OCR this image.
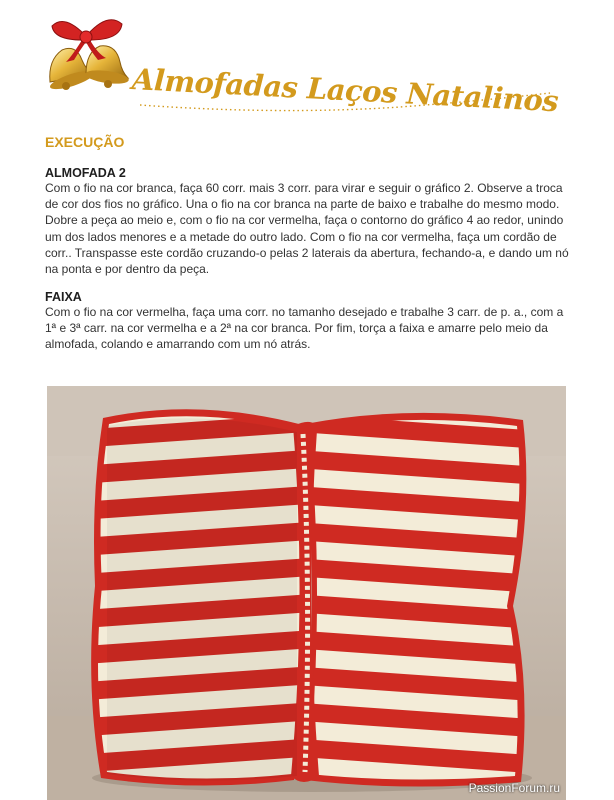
Almofadas Laços Natalinos
EXECUÇÃO
ALMOFADA 2
Com o fio na cor branca, faça 60 corr. mais 3 corr. para virar e seguir o gráfico 2. Observe a troca de cor dos fios no gráfico. Una o fio na cor branca na parte de baixo e trabalhe do mesmo modo. Dobre a peça ao meio e, com o fio na cor vermelha, faça o contorno do gráfico 4 ao redor, unindo um dos lados menores e a metade do outro lado. Com o fio na cor vermelha, faça um cordão de corr.. Transpasse este cordão cruzando-o pelas 2 laterais da abertura, fechando-a, e dando um nó na ponta e por dentro da peça.
FAIXA
Com o fio na cor vermelha, faça uma corr. no tamanho desejado e trabalhe 3 carr. de p. a., com a 1ª e 3ª carr. na cor vermelha e a 2ª na cor branca. Por fim, torça a faixa e amarre pelo meio da almofada, colando e amarrando com um nó atrás.
PassionForum.ru
